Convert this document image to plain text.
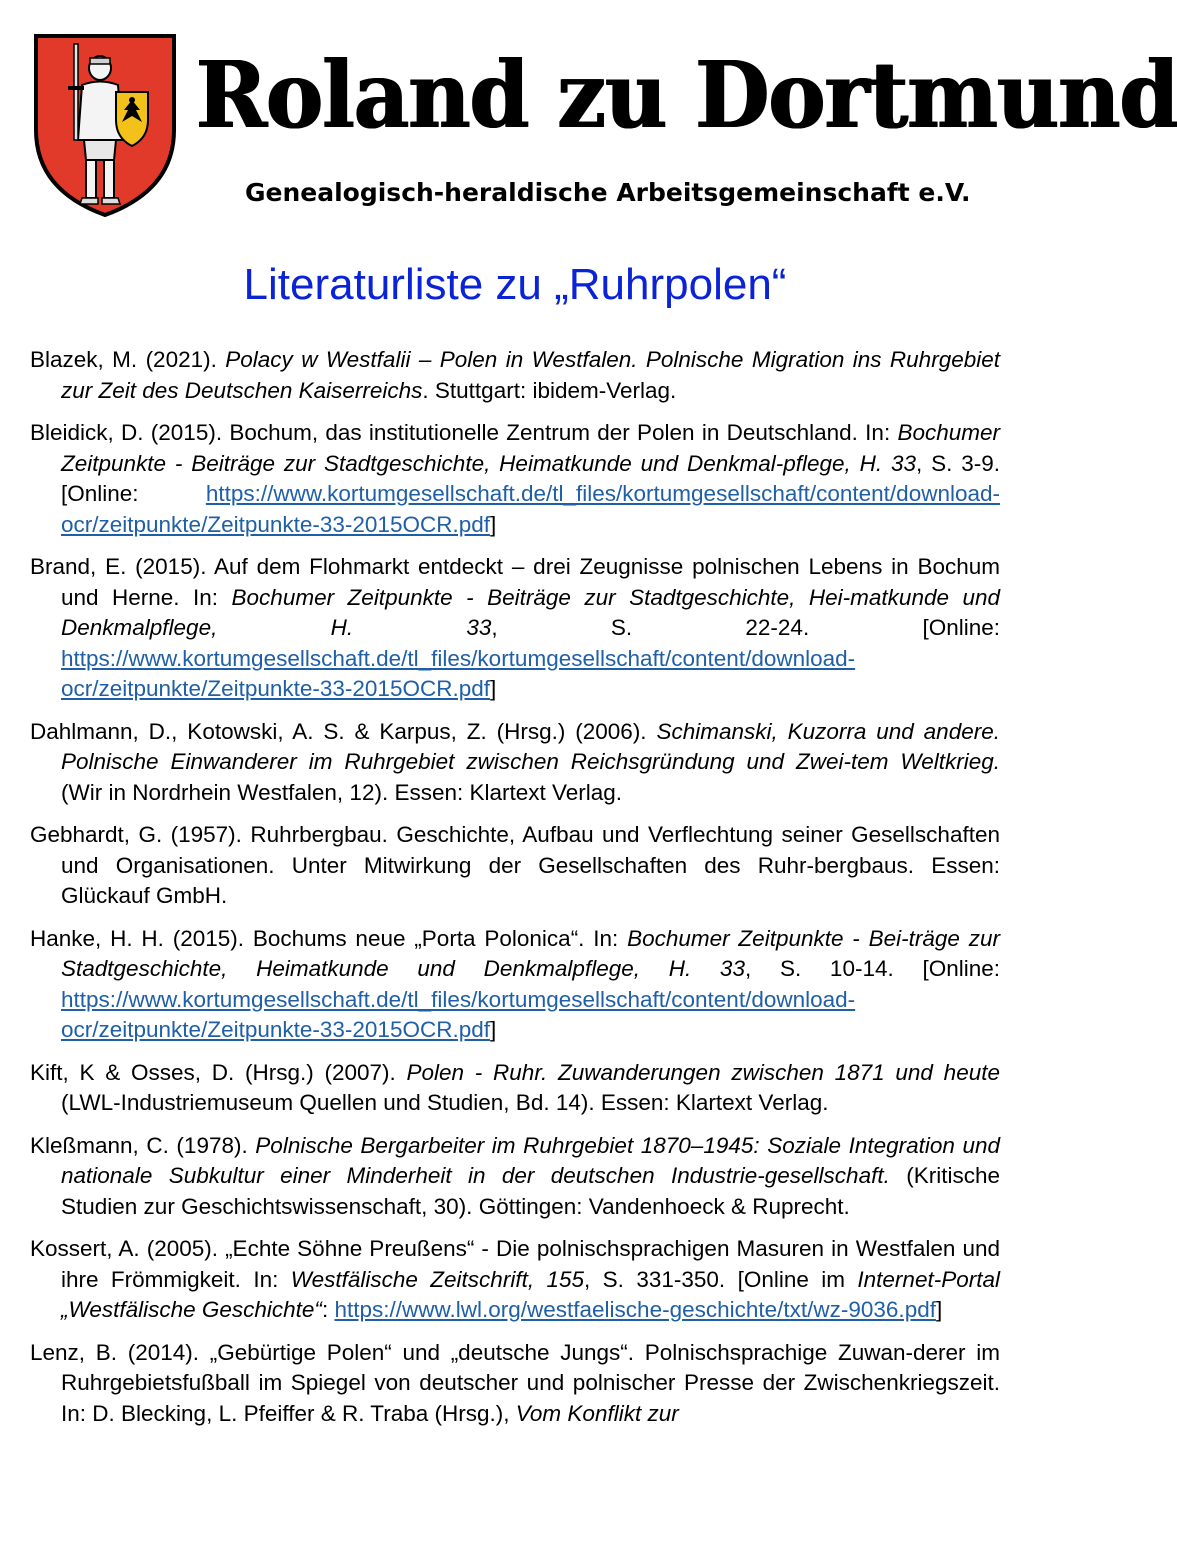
Roland zu Dortmund
Genealogisch-heraldische Arbeitsgemeinschaft e.V.
Literaturliste zu „Ruhrpolen“

Blazek, M. (2021). Polacy w Westfalii – Polen in Westfalen. Polnische Migration ins Ruhrgebiet zur Zeit des Deutschen Kaiserreichs. Stuttgart: ibidem-Verlag.

Bleidick, D. (2015). Bochum, das institutionelle Zentrum der Polen in Deutschland. In: Bochumer Zeitpunkte - Beiträge zur Stadtgeschichte, Heimatkunde und Denkmal-pflege, H. 33, S. 3-9. [Online: https://www.kortumgesellschaft.de/tl_files/kortumgesellschaft/content/download-ocr/zeitpunkte/Zeitpunkte-33-2015OCR.pdf]

Brand, E. (2015). Auf dem Flohmarkt entdeckt – drei Zeugnisse polnischen Lebens in Bochum und Herne. In: Bochumer Zeitpunkte - Beiträge zur Stadtgeschichte, Hei-matkunde und Denkmalpflege, H. 33, S. 22-24. [Online: https://www.kortumgesellschaft.de/tl_files/kortumgesellschaft/content/download-ocr/zeitpunkte/Zeitpunkte-33-2015OCR.pdf]

Dahlmann, D., Kotowski, A. S. & Karpus, Z. (Hrsg.) (2006). Schimanski, Kuzorra und andere. Polnische Einwanderer im Ruhrgebiet zwischen Reichsgründung und Zwei-tem Weltkrieg. (Wir in Nordrhein Westfalen, 12). Essen: Klartext Verlag.

Gebhardt, G. (1957). Ruhrbergbau. Geschichte, Aufbau und Verflechtung seiner Gesellschaften und Organisationen. Unter Mitwirkung der Gesellschaften des Ruhr-bergbaus. Essen: Glückauf GmbH.

Hanke, H. H. (2015). Bochums neue „Porta Polonica“. In: Bochumer Zeitpunkte - Bei-träge zur Stadtgeschichte, Heimatkunde und Denkmalpflege, H. 33, S. 10-14. [Online: https://www.kortumgesellschaft.de/tl_files/kortumgesellschaft/content/download-ocr/zeitpunkte/Zeitpunkte-33-2015OCR.pdf]

Kift, K & Osses, D. (Hrsg.) (2007). Polen - Ruhr. Zuwanderungen zwischen 1871 und heute (LWL-Industriemuseum Quellen und Studien, Bd. 14). Essen: Klartext Verlag.

Kleßmann, C. (1978). Polnische Bergarbeiter im Ruhrgebiet 1870–1945: Soziale Integration und nationale Subkultur einer Minderheit in der deutschen Industrie-gesellschaft. (Kritische Studien zur Geschichtswissenschaft, 30). Göttingen: Vandenhoeck & Ruprecht.

Kossert, A. (2005). „Echte Söhne Preußens“ - Die polnischsprachigen Masuren in Westfalen und ihre Frömmigkeit. In: Westfälische Zeitschrift, 155, S. 331-350. [Online im Internet-Portal „Westfälische Geschichte“: https://www.lwl.org/westfaelische-geschichte/txt/wz-9036.pdf]

Lenz, B. (2014). „Gebürtige Polen“ und „deutsche Jungs“. Polnischsprachige Zuwan-derer im Ruhrgebietsfußball im Spiegel von deutscher und polnischer Presse der Zwischenkriegszeit. In: D. Blecking, L. Pfeiffer & R. Traba (Hrsg.), Vom Konflikt zur
